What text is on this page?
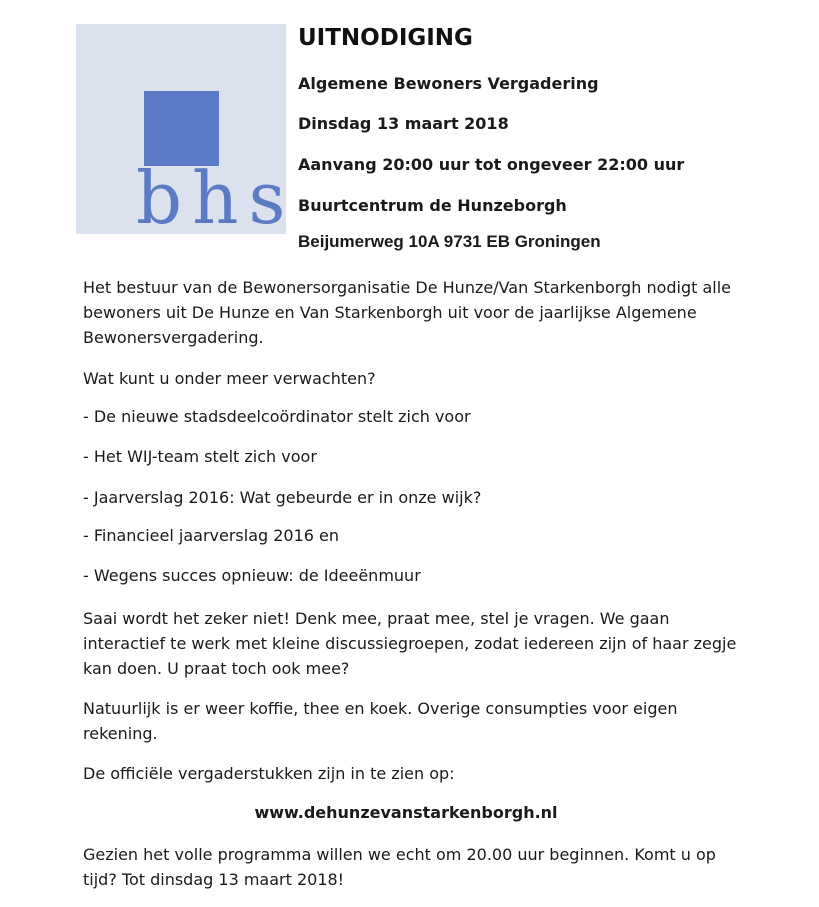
bhs
UITNODIGING
Algemene Bewoners Vergadering
Dinsdag 13 maart 2018
Aanvang 20:00 uur tot ongeveer 22:00 uur
Buurtcentrum de Hunzeborgh
Beijumerweg 10A 9731 EB Groningen

Het bestuur van de Bewonersorganisatie De Hunze/Van Starkenborgh nodigt alle bewoners uit De Hunze en Van Starkenborgh uit voor de jaarlijkse Algemene Bewonersvergadering.

Wat kunt u onder meer verwachten?

- De nieuwe stadsdeelcoördinator stelt zich voor

- Het WIJ-team stelt zich voor

- Jaarverslag 2016: Wat gebeurde er in onze wijk?

- Financieel jaarverslag 2016 en

- Wegens succes opnieuw: de Ideeënmuur

Saai wordt het zeker niet! Denk mee, praat mee, stel je vragen. We gaan interactief te werk met kleine discussiegroepen, zodat iedereen zijn of haar zegje kan doen. U praat toch ook mee?

Natuurlijk is er weer koffie, thee en koek. Overige consumpties voor eigen rekening.

De officiële vergaderstukken zijn in te zien op:

www.dehunzevanstarkenborgh.nl

Gezien het volle programma willen we echt om 20.00 uur beginnen. Komt u op tijd? Tot dinsdag 13 maart 2018!
